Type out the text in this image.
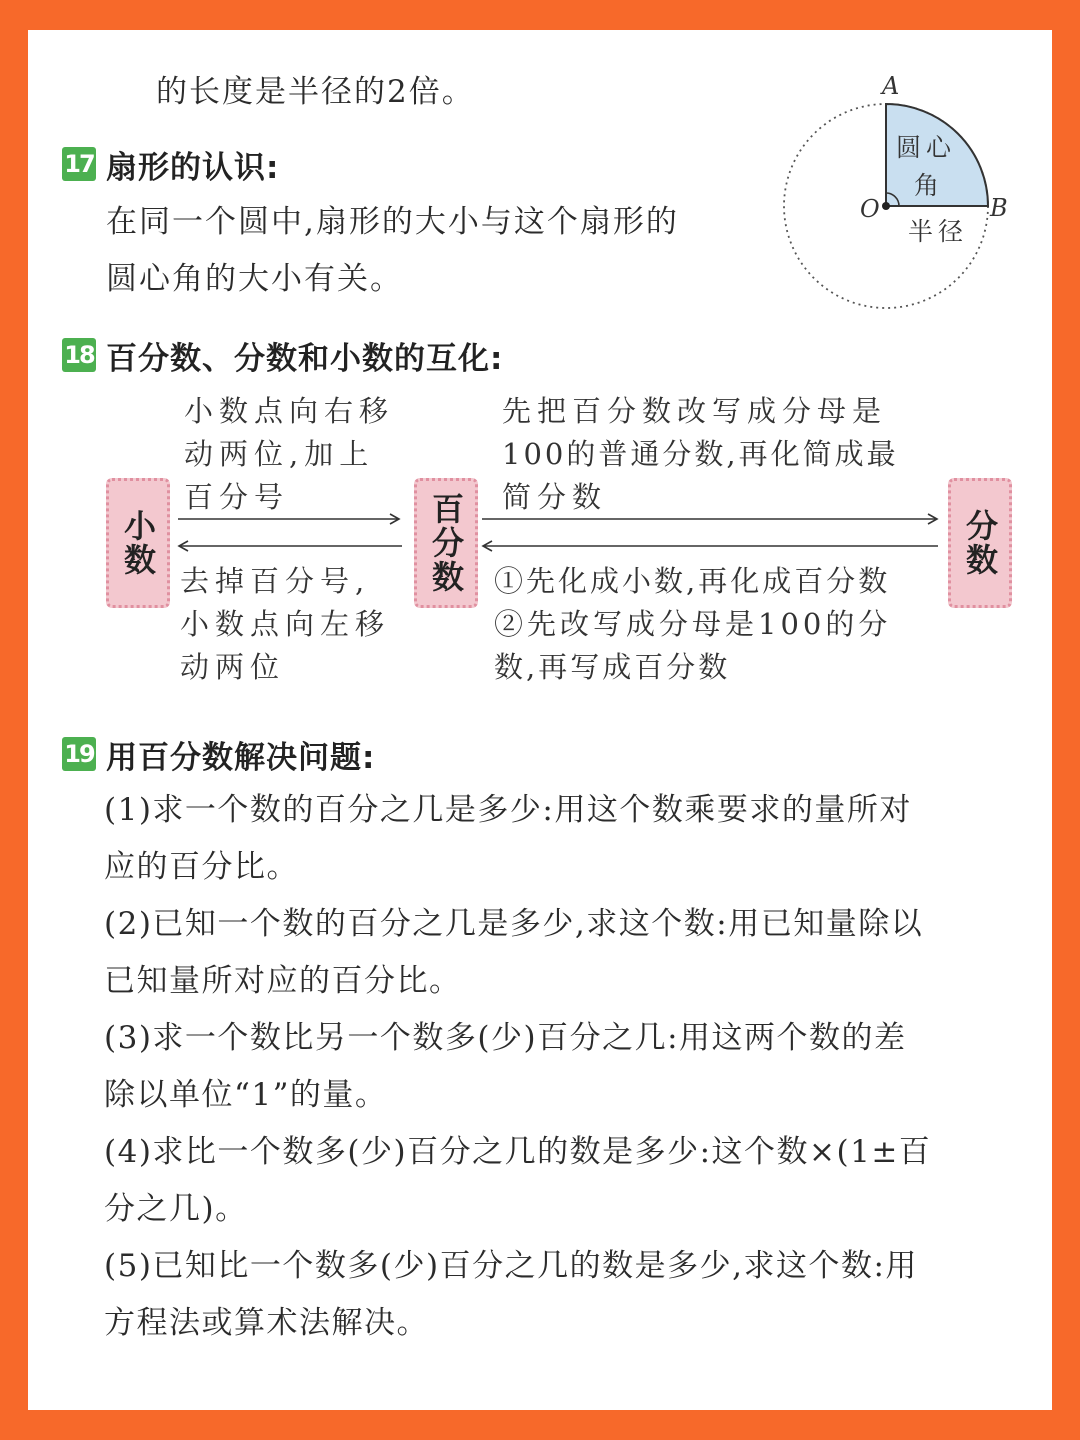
的长度是半径的2倍。
17 扇形的认识:
在同一个圆中,扇形的大小与这个扇形的
圆心角的大小有关。
A
O	B
圆心
角
半径
18 百分数、分数和小数的互化:
小数	百分数	分数
小数点向右移
动两位,加上
百分号
去掉百分号,
小数点向左移
动两位
先把百分数改写成分母是
100的普通分数,再化简成最
简分数
①先化成小数,再化成百分数
②先改写成分母是100的分
数,再写成百分数
19 用百分数解决问题:
(1)求一个数的百分之几是多少:用这个数乘要求的量所对
应的百分比。
(2)已知一个数的百分之几是多少,求这个数:用已知量除以
已知量所对应的百分比。
(3)求一个数比另一个数多(少)百分之几:用这两个数的差
除以单位“1”的量。
(4)求比一个数多(少)百分之几的数是多少:这个数×(1±百
分之几)。
(5)已知比一个数多(少)百分之几的数是多少,求这个数:用
方程法或算术法解决。
